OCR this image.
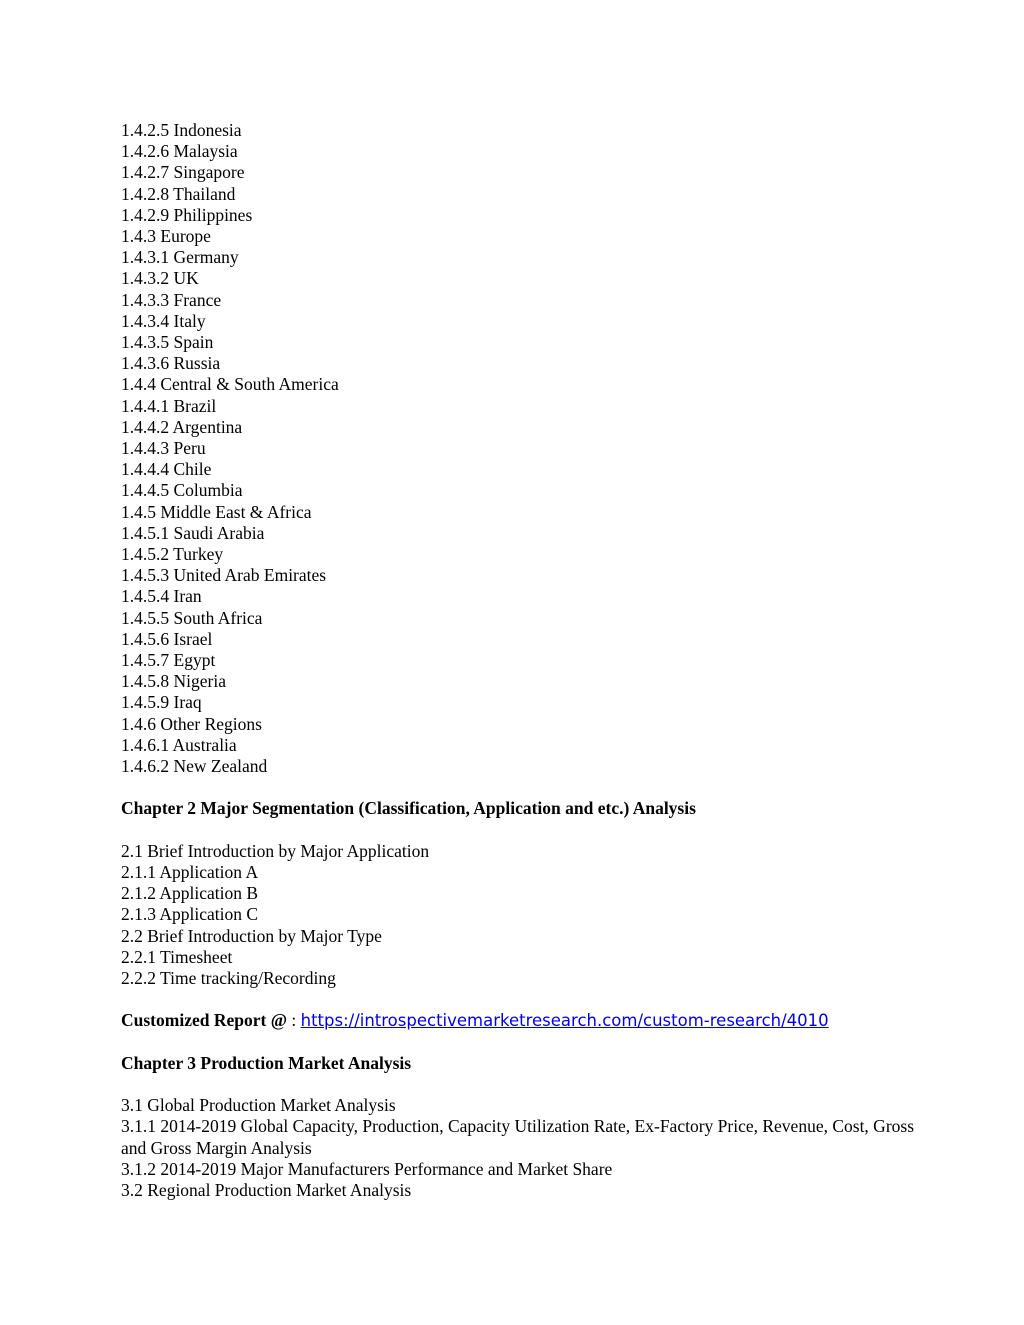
1.4.2.5 Indonesia

1.4.2.6 Malaysia

1.4.2.7 Singapore

1.4.2.8 Thailand

1.4.2.9 Philippines

1.4.3 Europe

1.4.3.1 Germany

1.4.3.2 UK

1.4.3.3 France

1.4.3.4 Italy

1.4.3.5 Spain

1.4.3.6 Russia

1.4.4 Central & South America

1.4.4.1 Brazil

1.4.4.2 Argentina

1.4.4.3 Peru

1.4.4.4 Chile

1.4.4.5 Columbia

1.4.5 Middle East & Africa

1.4.5.1 Saudi Arabia

1.4.5.2 Turkey

1.4.5.3 United Arab Emirates

1.4.5.4 Iran

1.4.5.5 South Africa

1.4.5.6 Israel

1.4.5.7 Egypt

1.4.5.8 Nigeria

1.4.5.9 Iraq

1.4.6 Other Regions

1.4.6.1 Australia

1.4.6.2 New Zealand

Chapter 2 Major Segmentation (Classification, Application and etc.) Analysis

2.1 Brief Introduction by Major Application

2.1.1 Application A

2.1.2 Application B

2.1.3 Application C

2.2 Brief Introduction by Major Type

2.2.1 Timesheet

2.2.2 Time tracking/Recording

Customized Report @ : https://introspectivemarketresearch.com/custom-research/4010

Chapter 3 Production Market Analysis

3.1 Global Production Market Analysis

3.1.1 2014-2019 Global Capacity, Production, Capacity Utilization Rate, Ex-Factory Price, Revenue, Cost, Gross and Gross Margin Analysis

3.1.2 2014-2019 Major Manufacturers Performance and Market Share

3.2 Regional Production Market Analysis
